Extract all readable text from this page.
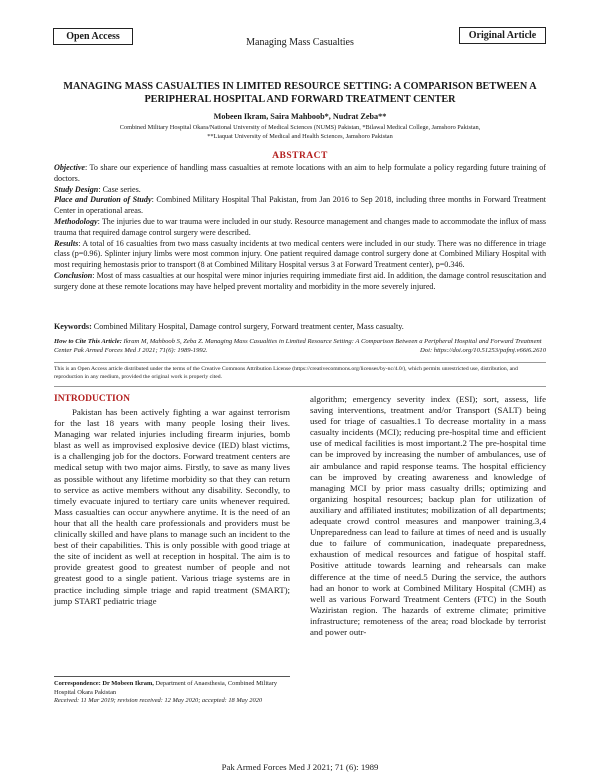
Open Access
Managing Mass Casualties
Original Article
MANAGING MASS CASUALTIES IN LIMITED RESOURCE SETTING: A COMPARISON BETWEEN A PERIPHERAL HOSPITAL AND FORWARD TREATMENT CENTER
Mobeen Ikram, Saira Mahboob*, Nudrat Zeba**
Combined Military Hospital Okara/National University of Medical Sciences (NUMS) Pakistan, *Bilawal Medical College, Jamshoro Pakistan,
**Liaquat University of Medical and Health Sciences, Jamshoro Pakistan
ABSTRACT

Objective: To share our experience of handling mass casualties at remote locations with an aim to help formulate a policy regarding future training of doctors.

Study Design: Case series.

Place and Duration of Study: Combined Military Hospital Thal Pakistan, from Jan 2016 to Sep 2018, including three months in Forward Treatment Center in operational areas.

Methodology: The injuries due to war trauma were included in our study. Resource management and changes made to accommodate the influx of mass trauma that required damage control surgery were described.

Results: A total of 16 casualties from two mass casualty incidents at two medical centers were included in our study. There was no difference in triage class (p=0.96). Splinter injury limbs were most common injury. One patient required damage control surgery done at Combined Miliary Hospital with most requiring hemostasis prior to transport (8 at Combined Military Hospital versus 3 at Forward Treatment center), p=0.346.

Conclusion: Most of mass casualties at our hospital were minor injuries requiring immediate first aid. In addition, the damage control resuscitation and surgery done at these remote locations may have helped prevent mortality and morbidity in the more severely injured.

Keywords: Combined Military Hospital, Damage control surgery, Forward treatment center, Mass casualty.
How to Cite This Article: Ikram M, Mahboob S, Zeba Z. Managing Mass Casualties in Limited Resource Setting: A Comparison Between a Peripheral Hospital and Forward Treatment Center Pak Armed Forces Med J 2021; 71(6): 1989-1992.	Doi: https://doi.org/10.51253/pafmj.v66i6.2610
This is an Open Access article distributed under the terms of the Creative Commons Attribution License (https://creativecommons.org/licenses/by-nc/4.0/), which permits unrestricted use, distribution, and reproduction in any medium, provided the original work is properly cited.
INTRODUCTION

Pakistan has been actively fighting a war against terrorism for the last 18 years with many people losing their lives. Managing war related injuries including firearm injuries, bomb blast as well as improvised explosive device (IED) blast victims, is a challenging job for the doctors. Forward treatment centers are medical setup with two major aims. Firstly, to save as many lives as possible without any lifetime morbidity so that they can return to service as active members without any disability. Secondly, to timely evacuate injured to tertiary care units whenever required. Mass casualties can occur anywhere anytime. It is the need of an hour that all the health care professionals and providers must be clinically skilled and have plans to manage such an incident to the best of their capabilities. This is only possible with good triage at the site of incident as well at reception in hospital. The aim is to provide greatest good to greatest number of people and not greatest good to a single patient. Various triage systems are in practice including simple triage and rapid treatment (SMART); jump START pediatric triage

algorithm; emergency severity index (ESI); sort, assess, life saving interventions, treatment and/or Transport (SALT) being used for triage of casualties.1 To decrease mortality in a mass casualty incidents (MCI); reducing pre-hospital time and efficient use of medical facilities is most important.2 The pre-hospital time can be improved by increasing the number of ambulances, use of air ambulance and rapid response teams. The hospital efficiency can be improved by creating awareness and knowledge of managing MCI by prior mass casualty drills; optimizing and organizing hospital resources; backup plan for utilization of auxiliary and affiliated institutes; mobilization of all departments; adequate crowd control measures and manpower training.3,4 Unpreparedness can lead to failure at times of need and is usually due to failure of communication, inadequate preparedness, exhaustion of medical resources and fatigue of hospital staff. Positive attitude towards learning and rehearsals can make difference at the time of need.5 During the service, the authors had an honor to work at Combined Military Hospital (CMH) as well as various Forward Treatment Centers (FTC) in the South Waziristan region. The hazards of extreme climate; primitive infrastructure; remoteness of the area; road blockade by terrorist and power outr-

Correspondence: Dr Mobeen Ikram, Department of Anaesthesia, Combined Military Hospital Okara Pakistan
Received: 11 Mar 2019; revision received: 12 May 2020; accepted: 18 May 2020
Pak Armed Forces Med J 2021; 71 (6): 1989
